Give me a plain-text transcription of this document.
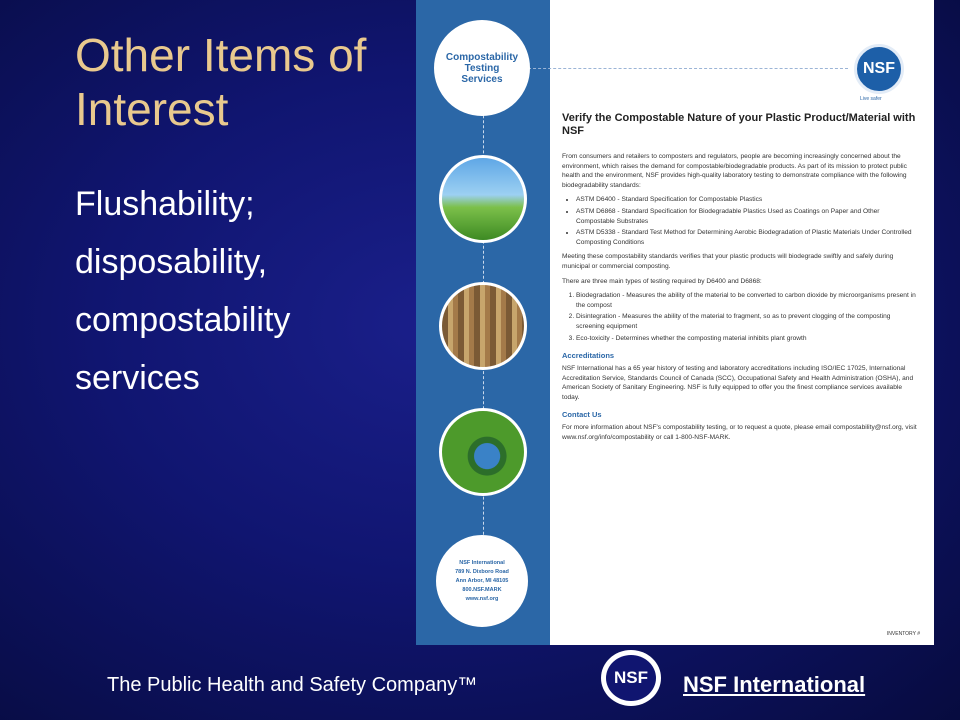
Other Items of Interest
Flushability;
disposability,
compostability
services
Compostability
Testing
Services
NSF International
789 N. Dixboro Road
Ann Arbor, MI 48105
800.NSF.MARK
www.nsf.org
NSF
Live safer

Verify the Compostable Nature of your Plastic Product/Material with NSF

From consumers and retailers to composters and regulators, people are becoming increasingly concerned about the environment, which raises the demand for compostable/biodegradable products. As part of its mission to protect public health and the environment, NSF provides high-quality laboratory testing to demonstrate compliance with the following biodegradability standards:

• ASTM D6400 - Standard Specification for Compostable Plastics
• ASTM D6868 - Standard Specification for Biodegradable Plastics Used as Coatings on Paper and Other Compostable Substrates
• ASTM D5338 - Standard Test Method for Determining Aerobic Biodegradation of Plastic Materials Under Controlled Composting Conditions

Meeting these compostability standards verifies that your plastic products will biodegrade swiftly and safely during municipal or commercial composting.

There are three main types of testing required by D6400 and D6868:

1. Biodegradation - Measures the ability of the material to be converted to carbon dioxide by microorganisms present in the compost
2. Disintegration - Measures the ability of the material to fragment, so as to prevent clogging of the composting screening equipment
3. Eco-toxicity - Determines whether the composting material inhibits plant growth
Accreditations

NSF International has a 65 year history of testing and laboratory accreditations including ISO/IEC 17025, International Accreditation Service, Standards Council of Canada (SCC), Occupational Safety and Health Administration (OSHA), and American Society of Sanitary Engineering. NSF is fully equipped to offer you the finest compliance services available today.

Contact Us

For more information about NSF's compostability testing, or to request a quote, please email compostability@nsf.org, visit www.nsf.org/info/compostability or call 1-800-NSF-MARK.

INVENTORY #
The Public Health and Safety Company™	NSF	NSF International
